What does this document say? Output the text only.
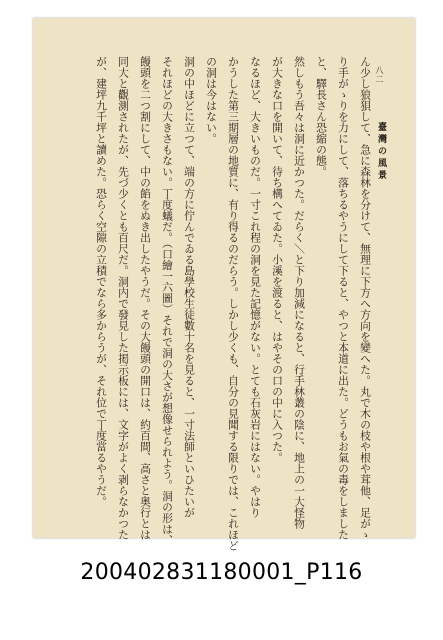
八二
臺灣の風景
ん少し狼狽して、急に森林を分けて、無理に下方へ方向を變へた。丸で木の枝や根や茸他、足がゝ
り手がゝりを力にして、落ちるやうにして下ると、やつと本道に出た。どうもお氣の毒をしました
と、驛長さん恐縮の態。
然しもう吾々は洞に近かつた。だらく＼と下り加減になると、行手林叢の陰に、地上の一大怪物
が大きな口を開いて、待ち構へてゐた。小溪を渡ると、はやその口の中に入つた。
なるほど、大きいものだ。一寸これ程の洞を見た記憶がない。とても石灰岩にはない。やはり
かうした第三期層の地質に、有り得るのだらう。しかし少くも、自分の見聞する限りでは、これほど
の洞は今はない。
洞の中ほどに立つて、端の方に佇んでゐる島學校生徒數十名を見ると、一寸法師といひたいが
それほどの大きさもない。丁度蟻だ。（口繪一六圖）それで洞の大さが想像せられよう。洞の形は、
饅頭を二つ割にして、中の餡をぬき出したやうだ。その大饅頭の開口は、約百間、高さと奥行とは
同大と觀測されたが、先づ少くとも百尺だ。洞内で發見した掲示板には、文字がよく剥らなかつた
が、建坪九千坪と讀めた。恐らく空隙の立積でなら多からうが、それ位で丁度當るやうだ。
200402831180001_P116
